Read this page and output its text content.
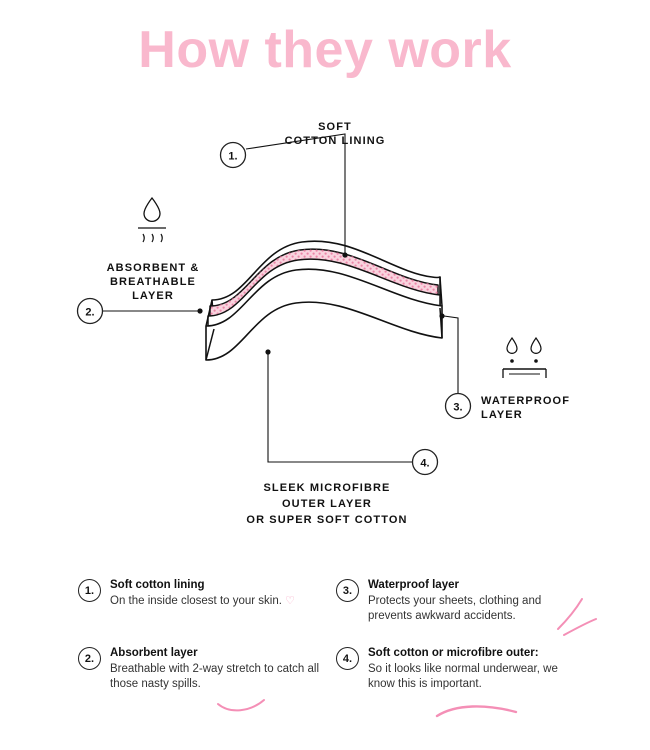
How they work
1.
2.
3.
4.
SOFT
COTTON LINING
ABSORBENT &
BREATHABLE
LAYER
WATERPROOF
LAYER
SLEEK MICROFIBRE
OUTER LAYER
OR SUPER SOFT COTTON
1.	Soft cotton lining
On the inside closest to your skin. ♡
3.	Waterproof layer
Protects your sheets, clothing and prevents awkward accidents.
2.	Absorbent layer
Breathable with 2-way stretch to catch all those nasty spills.
4.	Soft cotton or microfibre outer:
So it looks like normal underwear, we know this is important.
